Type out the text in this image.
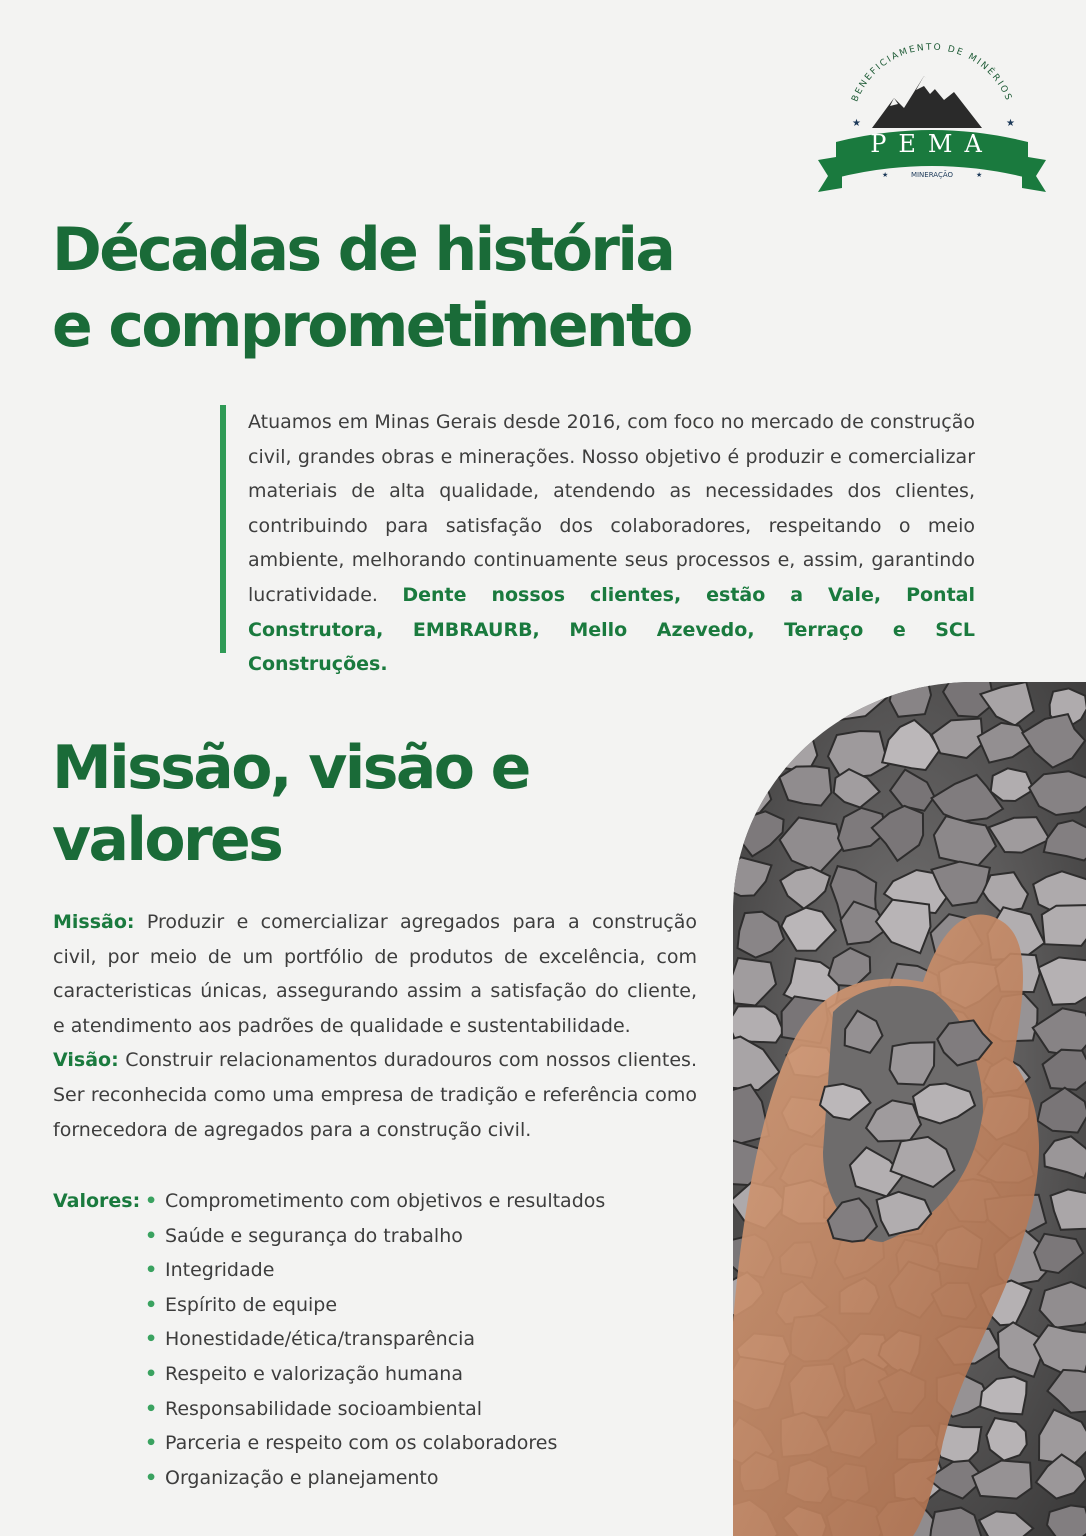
BENEFICIAMENTO DE MINÉRIOS
★	★
PEMA
★	★
MINERAÇÃO
Décadas de história
e comprometimento

Atuamos em Minas Gerais desde 2016, com foco no mercado de construção civil, grandes obras e minerações. Nosso objetivo é produzir e comercializar materiais de alta qualidade, atendendo as necessidades dos clientes, contribuindo para satisfação dos colaboradores, respeitando o meio ambiente, melhorando continuamente seus processos e, assim, garantindo lucratividade. Dente nossos clientes, estão a Vale, Pontal Construtora, EMBRAURB, Mello Azevedo, Terraço e SCL Construções.

Missão, visão e
valores

Missão: Produzir e comercializar agregados para a construção civil, por meio de um portfólio de produtos de excelência, com caracteristicas únicas, assegurando assim a satisfação do cliente, e atendimento aos padrões de qualidade e sustentabilidade.

Visão: Construir relacionamentos duradouros com nossos clientes. Ser reconhecida como uma empresa de tradição e referência como fornecedora de agregados para a construção civil.

Valores: • Comprometimento com objetivos e resultados
• Saúde e segurança do trabalho
• Integridade
• Espírito de equipe
• Honestidade/ética/transparência
• Respeito e valorização humana
• Responsabilidade socioambiental
• Parceria e respeito com os colaboradores
• Organização e planejamento
